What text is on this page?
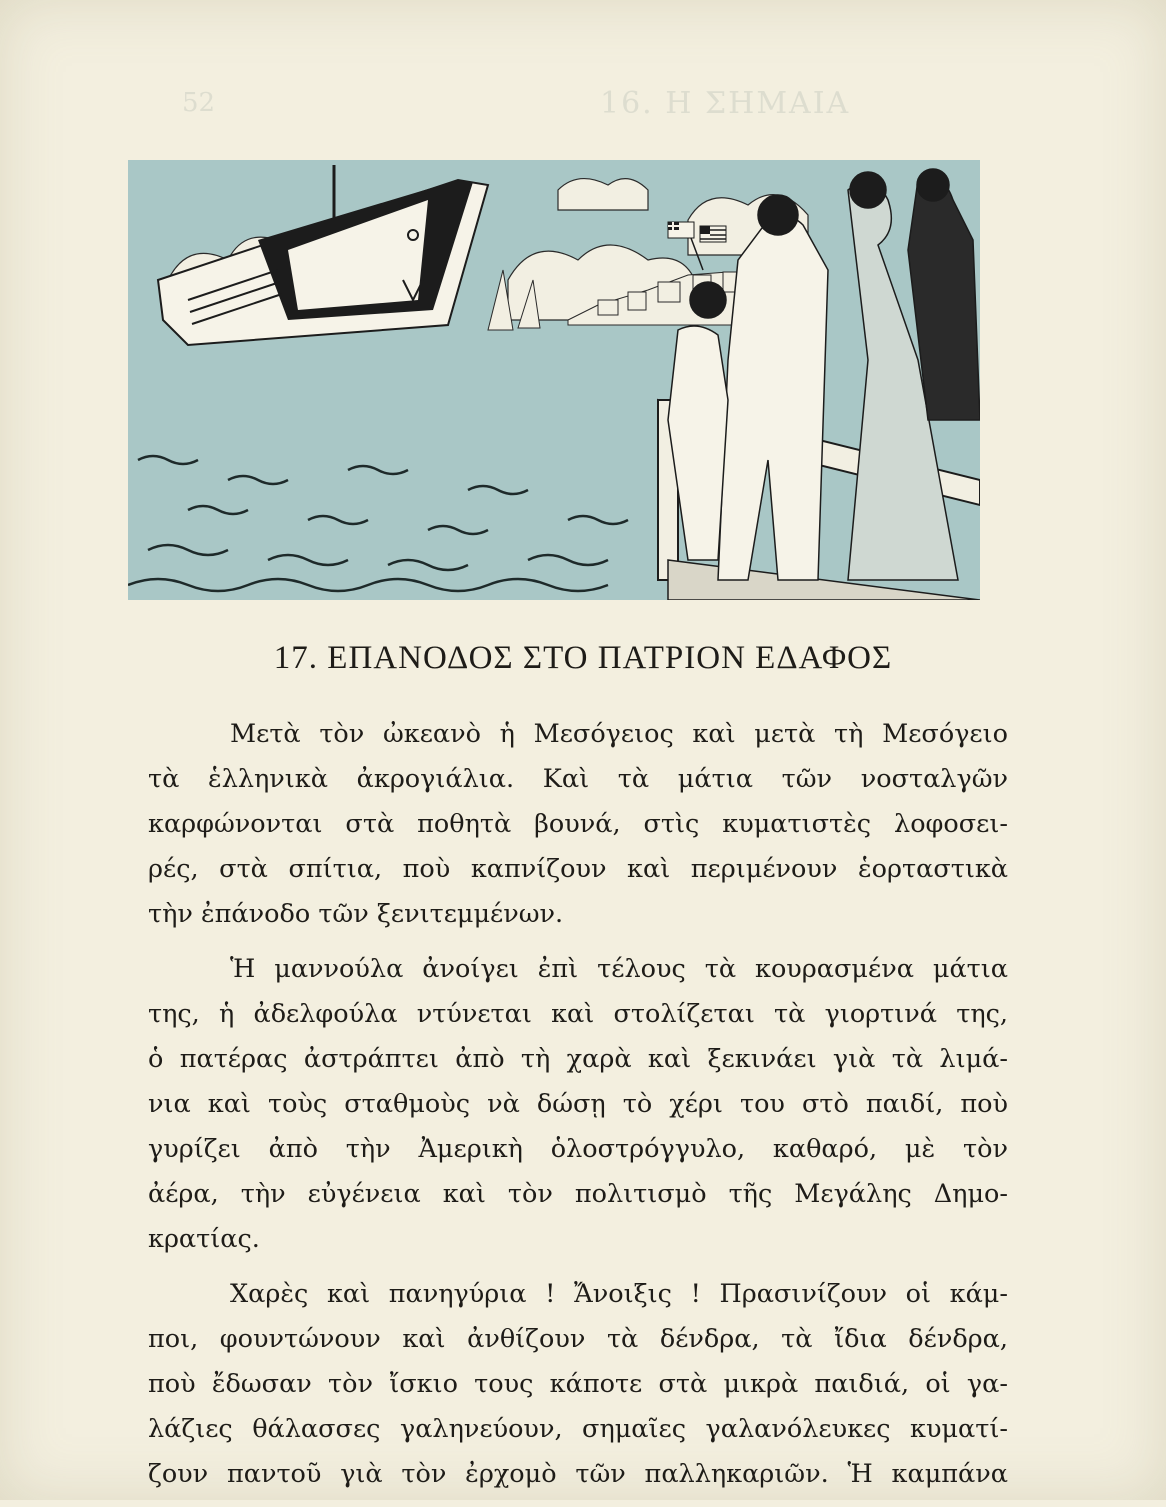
52	16. Η ΣΗΜΑΙΑ
17. ΕΠΑΝΟΔΟΣ ΣΤΟ ΠΑΤΡΙΟΝ ΕΔΑΦΟΣ
Μετὰ τὸν ὠκεανὸ ἡ Μεσόγειος καὶ μετὰ τὴ Μεσόγειο
τὰ ἑλληνικὰ ἀκρογιάλια. Καὶ τὰ μάτια τῶν νοσταλγῶν
καρφώνονται στὰ ποθητὰ βουνά, στὶς κυματιστὲς λοφοσει-
ρές, στὰ σπίτια, ποὺ καπνίζουν καὶ περιμένουν ἑορταστικὰ
τὴν ἐπάνοδο τῶν ξενιτεμμένων.
Ἡ μαννούλα ἀνοίγει ἐπὶ τέλους τὰ κουρασμένα μάτια
της, ἡ ἀδελφούλα ντύνεται καὶ στολίζεται τὰ γιορτινά της,
ὁ πατέρας ἀστράπτει ἀπὸ τὴ χαρὰ καὶ ξεκινάει γιὰ τὰ λιμά-
νια καὶ τοὺς σταθμοὺς νὰ δώσῃ τὸ χέρι του στὸ παιδί, ποὺ
γυρίζει ἀπὸ τὴν Ἀμερικὴ ὁλοστρόγγυλο, καθαρό, μὲ τὸν
ἀέρα, τὴν εὐγένεια καὶ τὸν πολιτισμὸ τῆς Μεγάλης Δημο-
κρατίας.
Χαρὲς καὶ πανηγύρια ! Ἄνοιξις ! Πρασινίζουν οἱ κάμ-
ποι, φουντώνουν καὶ ἀνθίζουν τὰ δένδρα, τὰ ἴδια δένδρα,
ποὺ ἔδωσαν τὸν ἴσκιο τους κάποτε στὰ μικρὰ παιδιά, οἱ γα-
λάζιες θάλασσες γαληνεύουν, σημαῖες γαλανόλευκες κυματί-
ζουν παντοῦ γιὰ τὸν ἐρχομὸ τῶν παλληκαριῶν. Ἡ καμπάνα
